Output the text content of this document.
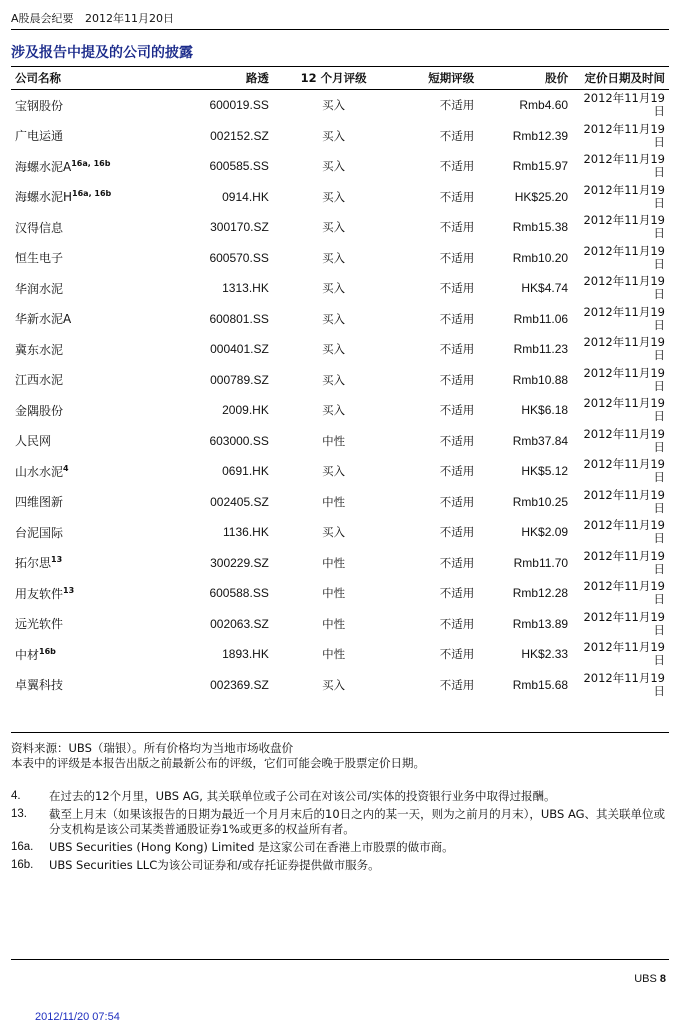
A股晨会纪要 2012年11月20日
涉及报告中提及的公司的披露
公司名称	路透	12 个月评级	短期评级	股价	定价日期及时间
宝钢股份	600019.SS	买入	不适用	Rmb4.60	2012年11月19
日

广电运通	002152.SZ	买入	不适用	Rmb12.39	2012年11月19
日

海螺水泥$A^{16a, 16b}$	600585.SS	买入	不适用	Rmb15.97	2012年11月19
日

海螺水泥$H^{16a, 16b}$	0914.HK	买入	不适用	HK$25.20	2012年11月19
日

汉得信息	300170.SZ	买入	不适用	Rmb15.38	2012年11月19
日

恒生电子	600570.SS	买入	不适用	Rmb10.20	2012年11月19
日

华润水泥	1313.HK	买入	不适用	HK$4.74	2012年11月19
日

华新水泥A	600801.SS	买入	不适用	Rmb11.06	2012年11月19
日

冀东水泥	000401.SZ	买入	不适用	Rmb11.23	2012年11月19
日

江西水泥	000789.SZ	买入	不适用	Rmb10.88	2012年11月19
日

金隅股份	2009.HK	买入	不适用	HK$6.18	2012年11月19
日

人民网	603000.SS	中性	不适用	Rmb37.84	2012年11月19
日

山水水泥$^4$	0691.HK	买入	不适用	HK$5.12	2012年11月19
日

四维图新	002405.SZ	中性	不适用	Rmb10.25	2012年11月19
日

台泥国际	1136.HK	买入	不适用	HK$2.09	2012年11月19
日

拓尔思$^{13}$	300229.SZ	中性	不适用	Rmb11.70	2012年11月19
日

用友软件$^{13}$	600588.SS	中性	不适用	Rmb12.28	2012年11月19
日

远光软件	002063.SZ	中性	不适用	Rmb13.89	2012年11月19
日

中材$^{16b}$	1893.HK	中性	不适用	HK$2.33	2012年11月19
日

卓翼科技	002369.SZ	买入	不适用	Rmb15.68	2012年11月19
日
资料来源：UBS（瑞银）。所有价格均为当地市场收盘价
本表中的评级是本报告出版之前最新公布的评级，它们可能会晚于股票定价日期。
4.	在过去的12个月里，UBS AG, 其关联单位或子公司在对该公司/实体的投资银行业务中取得过报酬。
13.	截至上月末（如果该报告的日期为最近一个月月末后的10日之内的某一天，则为之前月的月末），UBS AG、其关联单位或分支机构是该公司某类普通股证券1%或更多的权益所有者。
16a.	UBS Securities (Hong Kong) Limited 是这家公司在香港上市股票的做市商。
16b.	UBS Securities LLC为该公司证券和/或存托证券提供做市服务。
UBS 8
2012/11/20 07:54
